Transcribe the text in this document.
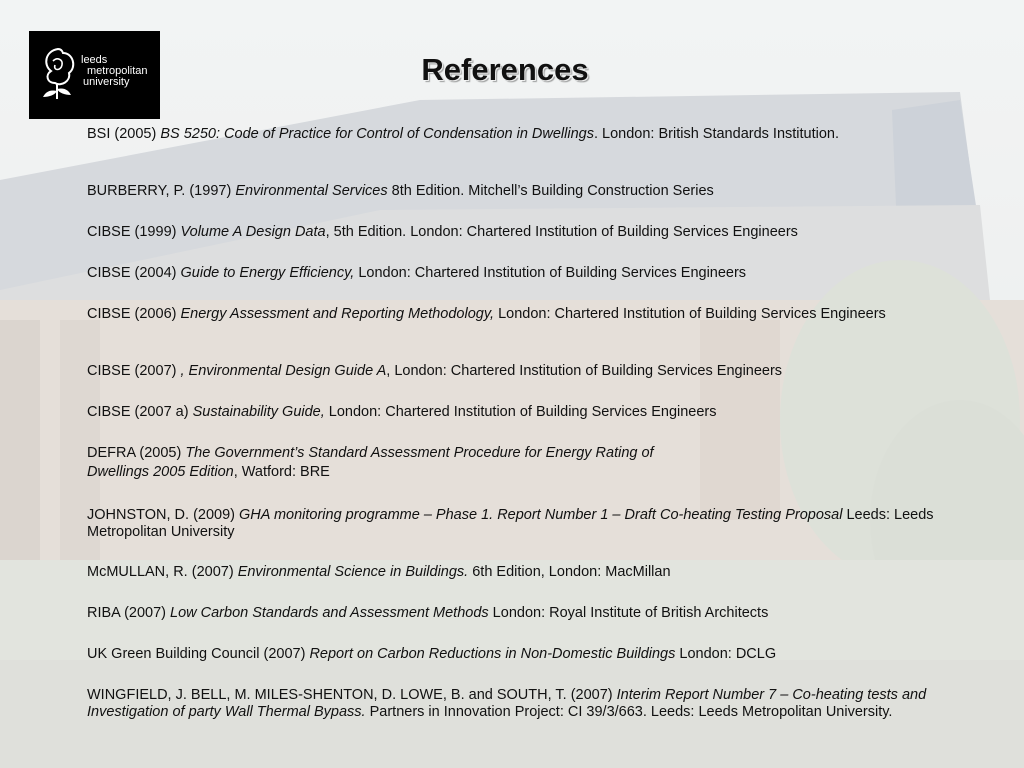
leeds
metropolitan
university	References
BSI (2005) BS 5250: Code of Practice for Control of Condensation in Dwellings. London: British Standards Institution.
BURBERRY, P. (1997) Environmental Services 8th Edition. Mitchell’s Building Construction Series
CIBSE (1999) Volume A Design Data, 5th Edition. London: Chartered Institution of Building Services Engineers
CIBSE (2004) Guide to Energy Efficiency, London: Chartered Institution of Building Services Engineers
CIBSE (2006) Energy Assessment and Reporting Methodology, London: Chartered Institution of Building Services Engineers
CIBSE (2007) , Environmental Design Guide A, London: Chartered Institution of Building Services Engineers
CIBSE (2007 a) Sustainability Guide, London: Chartered Institution of Building Services Engineers
DEFRA (2005) The Government’s Standard Assessment Procedure for Energy Rating of
Dwellings 2005 Edition, Watford: BRE
JOHNSTON, D. (2009) GHA monitoring programme – Phase 1. Report Number 1 – Draft Co-heating Testing Proposal Leeds: Leeds Metropolitan University
McMULLAN, R. (2007) Environmental Science in Buildings. 6th Edition, London: MacMillan
RIBA (2007) Low Carbon Standards and Assessment Methods London: Royal Institute of British Architects
UK Green Building Council (2007) Report on Carbon Reductions in Non-Domestic Buildings London: DCLG
WINGFIELD, J. BELL, M. MILES-SHENTON, D. LOWE, B. and SOUTH, T. (2007) Interim Report Number 7 – Co-heating tests and Investigation of party Wall Thermal Bypass. Partners in Innovation Project: CI 39/3/663. Leeds: Leeds Metropolitan University.
